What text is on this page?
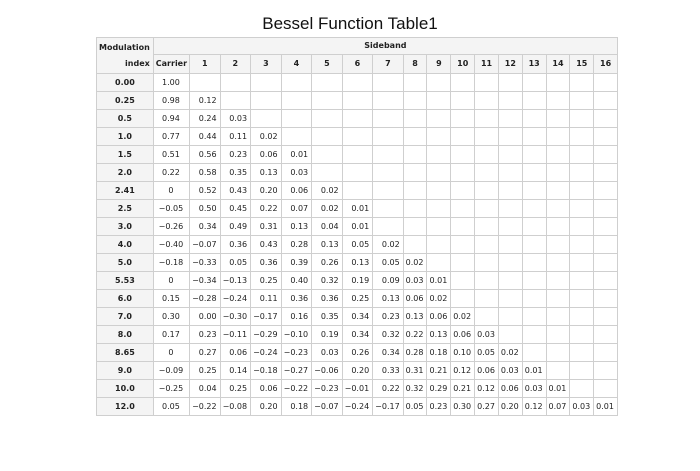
Bessel Function Table1
Modulation
index	Sideband																
	Carrier	1	2	3	4	5	6	7	8	9	10	11	12	13	14	15	16
0.00	1.00																
0.25	0.98	0.12															
0.5	0.94	0.24	0.03														
1.0	0.77	0.44	0.11	0.02													
1.5	0.51	0.56	0.23	0.06	0.01												
2.0	0.22	0.58	0.35	0.13	0.03												
2.41	0	0.52	0.43	0.20	0.06	0.02											
2.5	−0.05	0.50	0.45	0.22	0.07	0.02	0.01										
3.0	−0.26	0.34	0.49	0.31	0.13	0.04	0.01										
4.0	−0.40	−0.07	0.36	0.43	0.28	0.13	0.05	0.02									
5.0	−0.18	−0.33	0.05	0.36	0.39	0.26	0.13	0.05	0.02								
5.53	0	−0.34	−0.13	0.25	0.40	0.32	0.19	0.09	0.03	0.01							
6.0	0.15	−0.28	−0.24	0.11	0.36	0.36	0.25	0.13	0.06	0.02							
7.0	0.30	0.00	−0.30	−0.17	0.16	0.35	0.34	0.23	0.13	0.06	0.02						
8.0	0.17	0.23	−0.11	−0.29	−0.10	0.19	0.34	0.32	0.22	0.13	0.06	0.03					
8.65	0	0.27	0.06	−0.24	−0.23	0.03	0.26	0.34	0.28	0.18	0.10	0.05	0.02				
9.0	−0.09	0.25	0.14	−0.18	−0.27	−0.06	0.20	0.33	0.31	0.21	0.12	0.06	0.03	0.01			
10.0	−0.25	0.04	0.25	0.06	−0.22	−0.23	−0.01	0.22	0.32	0.29	0.21	0.12	0.06	0.03	0.01		
12.0	0.05	−0.22	−0.08	0.20	0.18	−0.07	−0.24	−0.17	0.05	0.23	0.30	0.27	0.20	0.12	0.07	0.03	0.01
